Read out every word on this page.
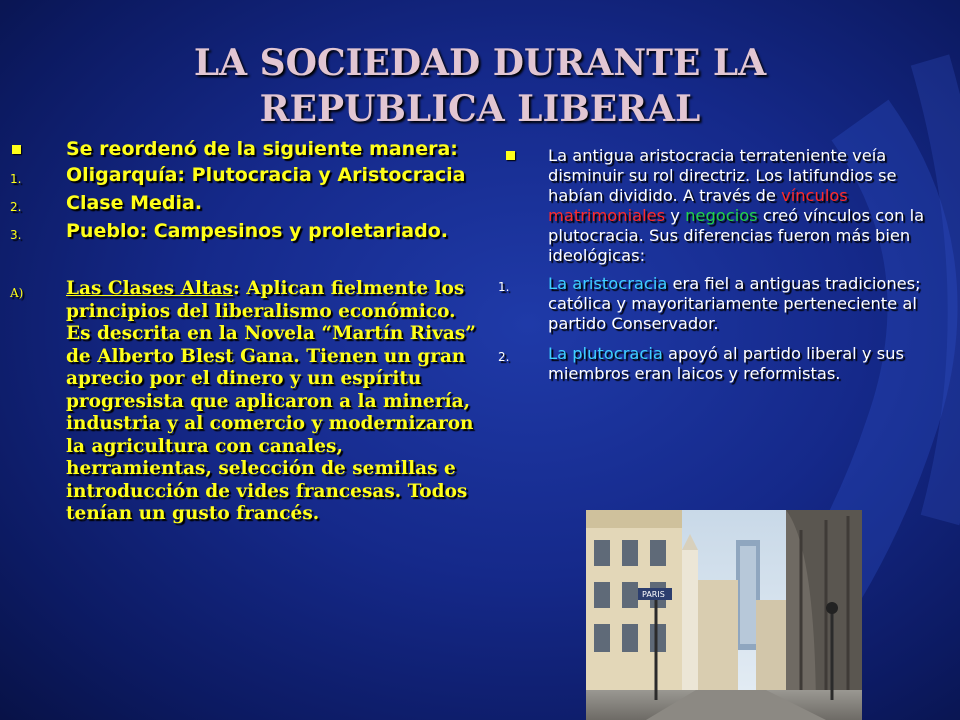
LA SOCIEDAD DURANTE LA REPUBLICA LIBERAL
Se reordenó de la siguiente manera:
1. Oligarquía: Plutocracia y Aristocracia
2. Clase Media.
3. Pueblo: Campesinos y proletariado.
A) Las Clases Altas: Aplican fielmente los principios del liberalismo económico. Es descrita en la Novela “Martín Rivas” de Alberto Blest Gana. Tienen un gran aprecio por el dinero y un espíritu progresista que aplicaron a la minería, industria y al comercio y modernizaron la agricultura con canales, herramientas, selección de semillas e introducción de vides francesas. Todos tenían un gusto francés.
La antigua aristocracia terrateniente veía disminuir su rol directriz. Los latifundios se habían dividido. A través de vínculos matrimoniales y negocios creó vínculos con la plutocracia. Sus diferencias fueron más bien ideológicas:
1. La aristocracia era fiel a antiguas tradiciones; católica y mayoritariamente perteneciente al partido Conservador.
2. La plutocracia apoyó al partido liberal y sus miembros eran laicos y reformistas.
PARIS
